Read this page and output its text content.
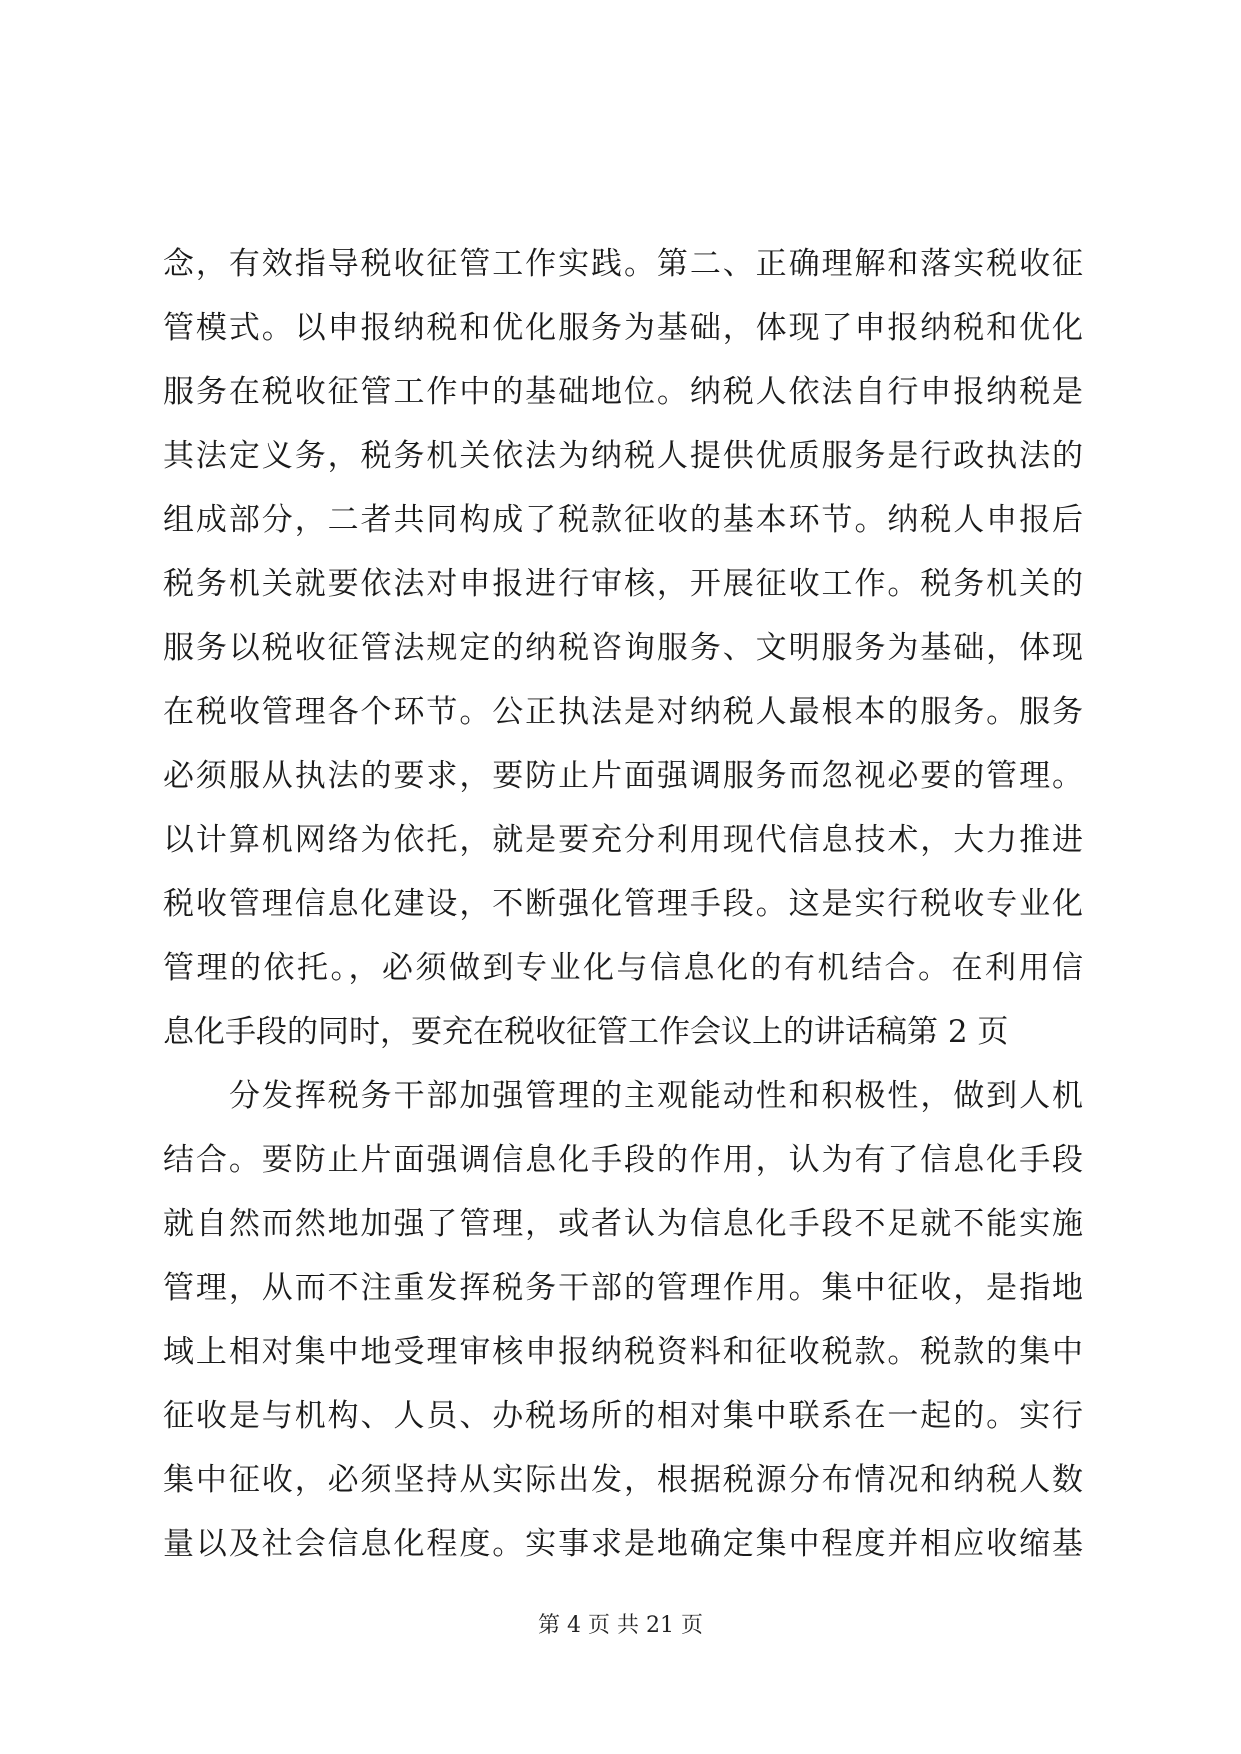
念，有效指导税收征管工作实践。第二、正确理解和落实税收征
管模式。以申报纳税和优化服务为基础，体现了申报纳税和优化
服务在税收征管工作中的基础地位。纳税人依法自行申报纳税是
其法定义务，税务机关依法为纳税人提供优质服务是行政执法的
组成部分，二者共同构成了税款征收的基本环节。纳税人申报后
税务机关就要依法对申报进行审核，开展征收工作。税务机关的
服务以税收征管法规定的纳税咨询服务、文明服务为基础，体现
在税收管理各个环节。公正执法是对纳税人最根本的服务。服务
必须服从执法的要求，要防止片面强调服务而忽视必要的管理。
以计算机网络为依托，就是要充分利用现代信息技术，大力推进
税收管理信息化建设，不断强化管理手段。这是实行税收专业化
管理的依托。，必须做到专业化与信息化的有机结合。在利用信
息化手段的同时，要充在税收征管工作会议上的讲话稿第 2 页
分发挥税务干部加强管理的主观能动性和积极性，做到人机
结合。要防止片面强调信息化手段的作用，认为有了信息化手段
就自然而然地加强了管理，或者认为信息化手段不足就不能实施
管理，从而不注重发挥税务干部的管理作用。集中征收，是指地
域上相对集中地受理审核申报纳税资料和征收税款。税款的集中
征收是与机构、人员、办税场所的相对集中联系在一起的。实行
集中征收，必须坚持从实际出发，根据税源分布情况和纳税人数
量以及社会信息化程度。实事求是地确定集中程度并相应收缩基
第 4 页 共 21 页
